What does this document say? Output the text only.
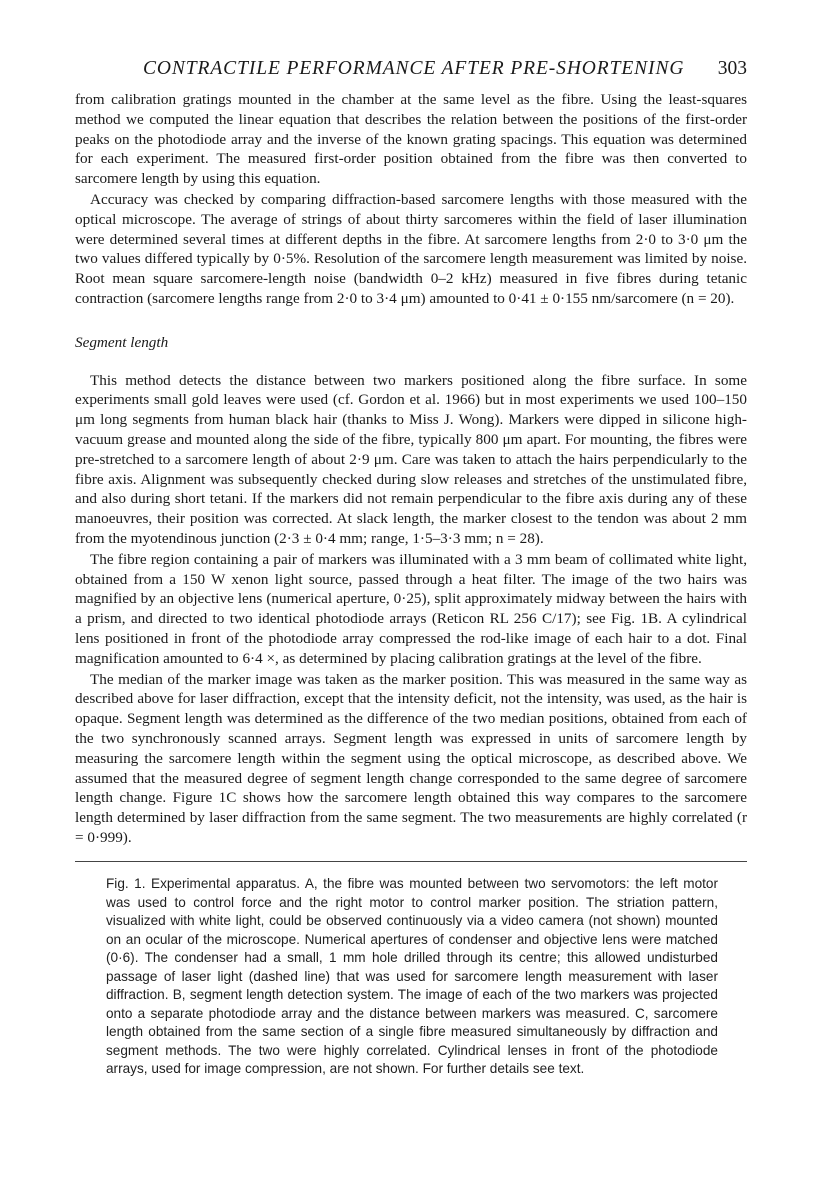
CONTRACTILE PERFORMANCE AFTER PRE-SHORTENING 303

from calibration gratings mounted in the chamber at the same level as the fibre. Using the least-squares method we computed the linear equation that describes the relation between the positions of the first-order peaks on the photodiode array and the inverse of the known grating spacings. This equation was determined for each experiment. The measured first-order position obtained from the fibre was then converted to sarcomere length by using this equation.

Accuracy was checked by comparing diffraction-based sarcomere lengths with those measured with the optical microscope. The average of strings of about thirty sarcomeres within the field of laser illumination were determined several times at different depths in the fibre. At sarcomere lengths from 2·0 to 3·0 μm the two values differed typically by 0·5%. Resolution of the sarcomere length measurement was limited by noise. Root mean square sarcomere-length noise (bandwidth 0–2 kHz) measured in five fibres during tetanic contraction (sarcomere lengths range from 2·0 to 3·4 μm) amounted to 0·41 ± 0·155 nm/sarcomere (n = 20).

Segment length

This method detects the distance between two markers positioned along the fibre surface. In some experiments small gold leaves were used (cf. Gordon et al. 1966) but in most experiments we used 100–150 μm long segments from human black hair (thanks to Miss J. Wong). Markers were dipped in silicone high-vacuum grease and mounted along the side of the fibre, typically 800 μm apart. For mounting, the fibres were pre-stretched to a sarcomere length of about 2·9 μm. Care was taken to attach the hairs perpendicularly to the fibre axis. Alignment was subsequently checked during slow releases and stretches of the unstimulated fibre, and also during short tetani. If the markers did not remain perpendicular to the fibre axis during any of these manoeuvres, their position was corrected. At slack length, the marker closest to the tendon was about 2 mm from the myotendinous junction (2·3 ± 0·4 mm; range, 1·5–3·3 mm; n = 28).

The fibre region containing a pair of markers was illuminated with a 3 mm beam of collimated white light, obtained from a 150 W xenon light source, passed through a heat filter. The image of the two hairs was magnified by an objective lens (numerical aperture, 0·25), split approximately midway between the hairs with a prism, and directed to two identical photodiode arrays (Reticon RL 256 C/17); see Fig. 1B. A cylindrical lens positioned in front of the photodiode array compressed the rod-like image of each hair to a dot. Final magnification amounted to 6·4 ×, as determined by placing calibration gratings at the level of the fibre.

The median of the marker image was taken as the marker position. This was measured in the same way as described above for laser diffraction, except that the intensity deficit, not the intensity, was used, as the hair is opaque. Segment length was determined as the difference of the two median positions, obtained from each of the two synchronously scanned arrays. Segment length was expressed in units of sarcomere length by measuring the sarcomere length within the segment using the optical microscope, as described above. We assumed that the measured degree of segment length change corresponded to the same degree of sarcomere length change. Figure 1C shows how the sarcomere length obtained this way compares to the sarcomere length determined by laser diffraction from the same segment. The two measurements are highly correlated (r = 0·999).

Fig. 1. Experimental apparatus. A, the fibre was mounted between two servomotors: the left motor was used to control force and the right motor to control marker position. The striation pattern, visualized with white light, could be observed continuously via a video camera (not shown) mounted on an ocular of the microscope. Numerical apertures of condenser and objective lens were matched (0·6). The condenser had a small, 1 mm hole drilled through its centre; this allowed undisturbed passage of laser light (dashed line) that was used for sarcomere length measurement with laser diffraction. B, segment length detection system. The image of each of the two markers was projected onto a separate photodiode array and the distance between markers was measured. C, sarcomere length obtained from the same section of a single fibre measured simultaneously by diffraction and segment methods. The two were highly correlated. Cylindrical lenses in front of the photodiode arrays, used for image compression, are not shown. For further details see text.
